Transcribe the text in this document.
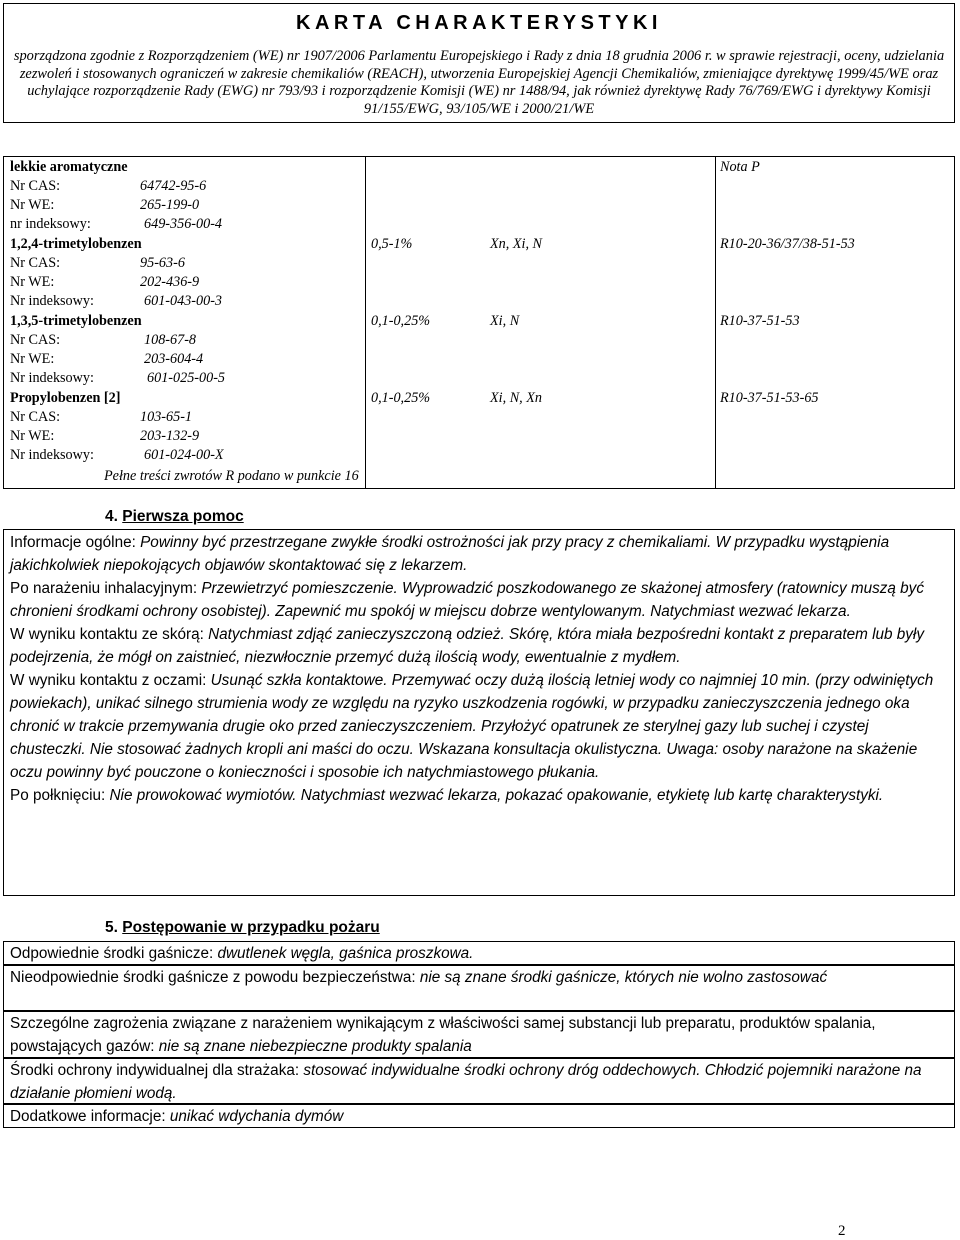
KARTA CHARAKTERYSTYKI
sporządzona zgodnie z Rozporządzeniem (WE) nr 1907/2006 Parlamentu Europejskiego i Rady z dnia 18 grudnia 2006 r. w sprawie rejestracji, oceny, udzielania zezwoleń i stosowanych ograniczeń w zakresie chemikaliów (REACH), utworzenia Europejskiej Agencji Chemikaliów, zmieniające dyrektywę 1999/45/WE oraz uchylające rozporządzenie Rady (EWG) nr 793/93 i rozporządzenie Komisji (WE) nr 1488/94, jak również dyrektywę Rady 76/769/EWG i dyrektywy Komisji 91/155/EWG, 93/105/WE i 2000/21/WE
lekkie aromatyczne
Nr CAS:	64742-95-6
Nr WE:	265-199-0
nr indeksowy:	649-356-00-4
Nota P
1,2,4-trimetylobenzen
Nr CAS:	95-63-6
Nr WE:	202-436-9
Nr indeksowy:	601-043-00-3
0,5-1%	Xn, Xi, N	R10-20-36/37/38-51-53
1,3,5-trimetylobenzen
Nr CAS:	108-67-8
Nr WE:	203-604-4
Nr indeksowy:	601-025-00-5
0,1-0,25%	Xi, N	R10-37-51-53
Propylobenzen [2]
Nr CAS:	103-65-1
Nr WE:	203-132-9
Nr indeksowy:	601-024-00-X
0,1-0,25%	Xi, N, Xn	R10-37-51-53-65
Pełne treści zwrotów R podano w punkcie 16
4. Pierwsza pomoc
Informacje ogólne: Powinny być przestrzegane zwykłe środki ostrożności jak przy pracy z chemikaliami. W przypadku wystąpienia jakichkolwiek niepokojących objawów skontaktować się z lekarzem.
Po narażeniu inhalacyjnym: Przewietrzyć pomieszczenie. Wyprowadzić poszkodowanego ze skażonej atmosfery (ratownicy muszą być chronieni środkami ochrony osobistej). Zapewnić mu spokój w miejscu dobrze wentylowanym. Natychmiast wezwać lekarza.
W wyniku kontaktu ze skórą: Natychmiast zdjąć zanieczyszczoną odzież. Skórę, która miała bezpośredni kontakt z preparatem lub były podejrzenia, że mógł on zaistnieć, niezwłocznie przemyć dużą ilością wody, ewentualnie z mydłem.
W wyniku kontaktu z oczami: Usunąć szkła kontaktowe. Przemywać oczy dużą ilością letniej wody co najmniej 10 min. (przy odwiniętych powiekach), unikać silnego strumienia wody ze względu na ryzyko uszkodzenia rogówki, w przypadku zanieczyszczenia jednego oka chronić w trakcie przemywania drugie oko przed zanieczyszczeniem. Przyłożyć opatrunek ze sterylnej gazy lub suchej i czystej chusteczki. Nie stosować żadnych kropli ani maści do oczu. Wskazana konsultacja okulistyczna. Uwaga: osoby narażone na skażenie oczu powinny być pouczone o konieczności i sposobie ich natychmiastowego płukania.
Po połknięciu: Nie prowokować wymiotów. Natychmiast wezwać lekarza, pokazać opakowanie, etykietę lub kartę charakterystyki.
5. Postępowanie w przypadku pożaru
Odpowiednie środki gaśnicze: dwutlenek węgla, gaśnica proszkowa.
Nieodpowiednie środki gaśnicze z powodu bezpieczeństwa: nie są znane środki gaśnicze, których nie wolno zastosować
Szczególne zagrożenia związane z narażeniem wynikającym z właściwości samej substancji lub preparatu, produktów spalania, powstających gazów: nie są znane niebezpieczne produkty spalania
Środki ochrony indywidualnej dla strażaka: stosować indywidualne środki ochrony dróg oddechowych. Chłodzić pojemniki narażone na działanie płomieni wodą.
Dodatkowe informacje: unikać wdychania dymów
2
